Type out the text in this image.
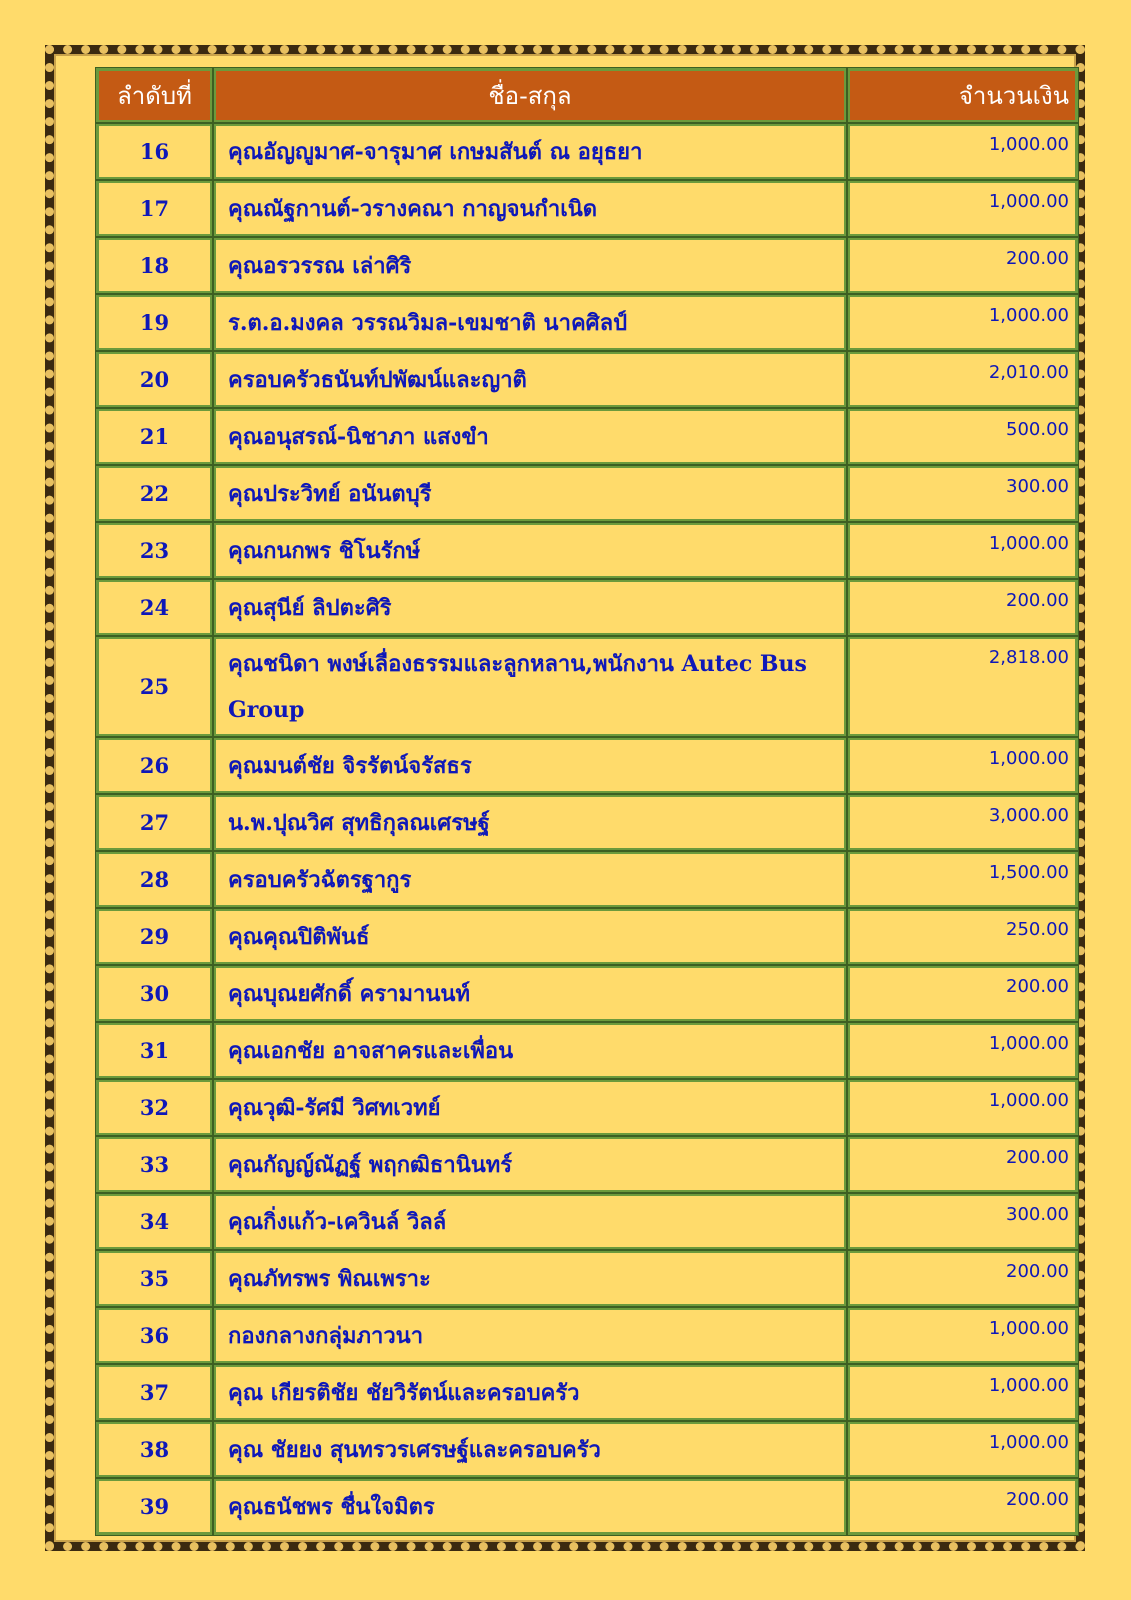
ลำดับที่	ชื่อ-สกุล	จำนวนเงิน
16	คุณอัญญูมาศ-จารุมาศ เกษมสันต์ ณ อยุธยา	1,000.00
17	คุณณัฐกานต์-วรางคณา กาญจนกำเนิด	1,000.00
18	คุณอรวรรณ เล่าศิริ	200.00
19	ร.ต.อ.มงคล วรรณวิมล-เขมชาติ นาคศิลป์	1,000.00
20	ครอบครัวธนันท์ปพัฒน์และญาติ	2,010.00
21	คุณอนุสรณ์-นิชาภา แสงขำ	500.00
22	คุณประวิทย์ อนันตบุรี	300.00
23	คุณกนกพร ชิโนรักษ์	1,000.00
24	คุณสุนีย์ ลิปตะศิริ	200.00
25	คุณชนิดา พงษ์เลื่องธรรมและลูกหลาน,พนักงาน Autec Bus Group	2,818.00
26	คุณมนต์ชัย จิรรัตน์จรัสธร	1,000.00
27	น.พ.ปุณวิศ สุทธิกุลณเศรษฐ์	3,000.00
28	ครอบครัวฉัตรฐากูร	1,500.00
29	คุณคุณปิติพันธ์	250.00
30	คุณบุณยศักดิ์ ครามานนท์	200.00
31	คุณเอกชัย อาจสาครและเพื่อน	1,000.00
32	คุณวุฒิ-รัศมี วิศทเวทย์	1,000.00
33	คุณกัญญ์ณัฏฐ์ พฤกฒิธานินทร์	200.00
34	คุณกิ่งแก้ว-เควินล์ วิลล์	300.00
35	คุณภัทรพร พิณเพราะ	200.00
36	กองกลางกลุ่มภาวนา	1,000.00
37	คุณ เกียรติชัย ชัยวิรัตน์และครอบครัว	1,000.00
38	คุณ ชัยยง สุนทรวรเศรษฐ์และครอบครัว	1,000.00
39	คุณธนัชพร ชื่นใจมิตร	200.00
